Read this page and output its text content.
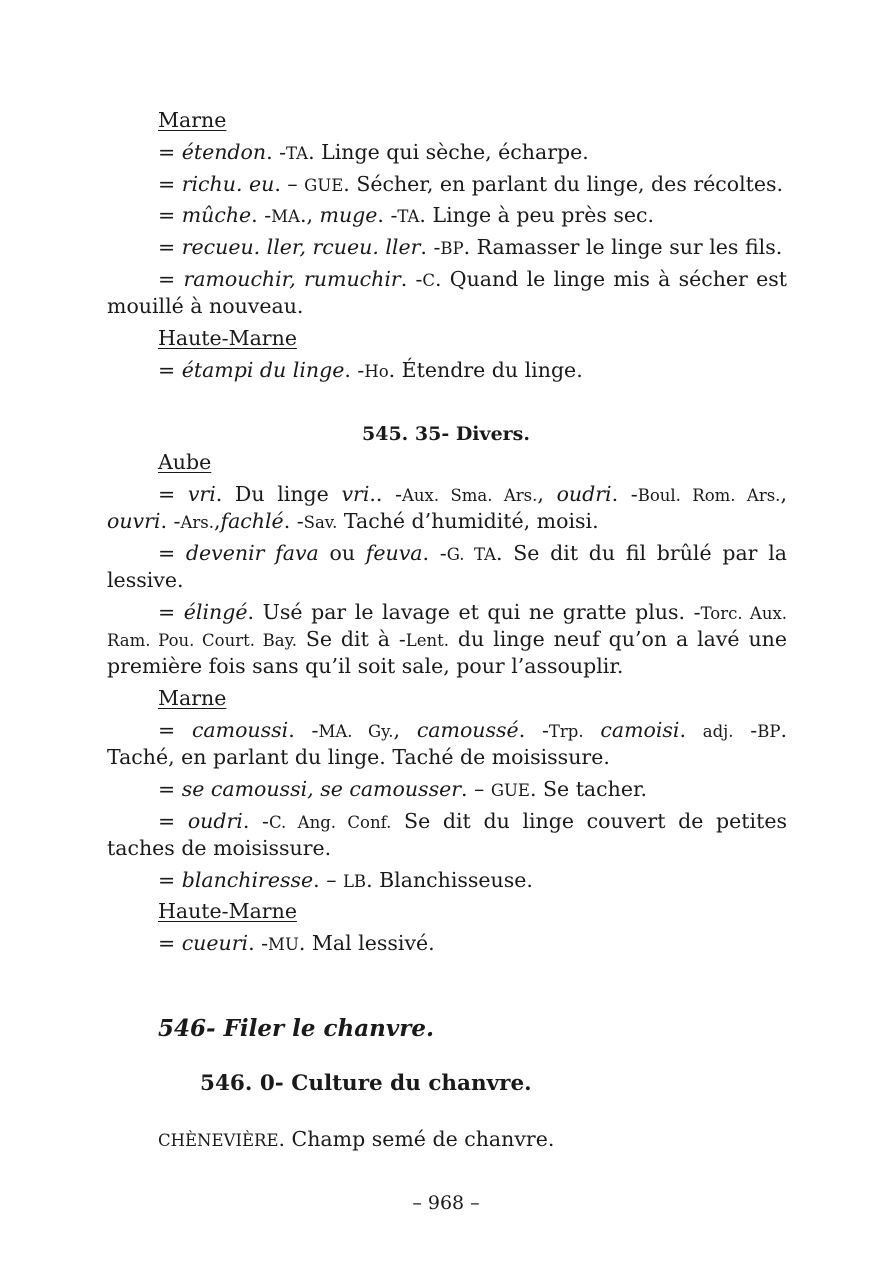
Marne
= étendon. -TA. Linge qui sèche, écharpe.
= richu. eu. – GUE. Sécher, en parlant du linge, des récoltes.
= mûche. -MA., muge. -TA. Linge à peu près sec.
= recueu. ller, rcueu. ller. -BP. Ramasser le linge sur les fils.
= ramouchir, rumuchir. -C. Quand le linge mis à sécher est
mouillé à nouveau.
Haute-Marne
= étampi du linge. -Ho. Étendre du linge.
545. 35- Divers.
Aube
= vri. Du linge vri.. -Aux. Sma. Ars., oudri. -Boul. Rom. Ars.,
ouvri. -Ars.,fachlé. -Sav. Taché d’humidité, moisi.
= devenir fava ou feuva. -G. TA. Se dit du fil brûlé par la
lessive.
= élingé. Usé par le lavage et qui ne gratte plus. -Torc. Aux.
Ram. Pou. Court. Bay. Se dit à -Lent. du linge neuf qu’on a lavé une
première fois sans qu’il soit sale, pour l’assouplir.
Marne
= camoussi. -MA. Gy., camoussé. -Trp. camoisi. adj. -BP.
Taché, en parlant du linge. Taché de moisissure.
= se camoussi, se camousser. – GUE. Se tacher.
= oudri. -C. Ang. Conf. Se dit du linge couvert de petites
taches de moisissure.
= blanchiresse. – LB. Blanchisseuse.
Haute-Marne
= cueuri. -MU. Mal lessivé.
546- Filer le chanvre.
546. 0- Culture du chanvre.
CHÈNEVIÈRE. Champ semé de chanvre.
– 968 –
